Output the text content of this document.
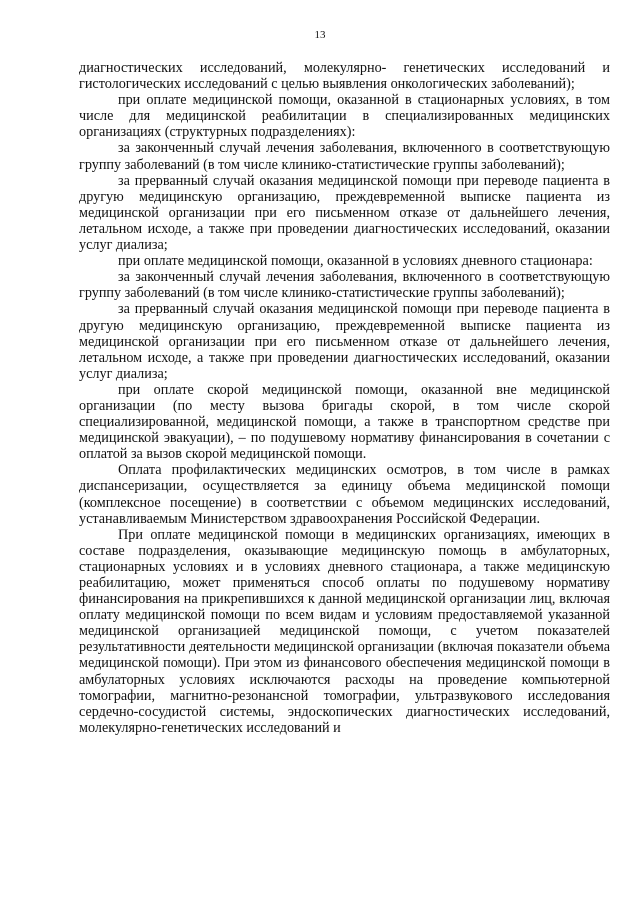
13

диагностических исследований, молекулярно- генетических исследований и гистологических исследований с целью выявления онкологических заболеваний);

при оплате медицинской помощи, оказанной в стационарных условиях, в том числе для медицинской реабилитации в специализированных медицинских организациях (структурных подразделениях):

за законченный случай лечения заболевания, включенного в соответствующую группу заболеваний (в том числе клинико-статистические группы заболеваний);

за прерванный случай оказания медицинской помощи при переводе пациента в другую медицинскую организацию, преждевременной выписке пациента из медицинской организации при его письменном отказе от дальнейшего лечения, летальном исходе, а также при проведении диагностических исследований, оказании услуг диализа;

при оплате медицинской помощи, оказанной в условиях дневного стационара:

за законченный случай лечения заболевания, включенного в соответствующую группу заболеваний (в том числе клинико-статистические группы заболеваний);

за прерванный случай оказания медицинской помощи при переводе пациента в другую медицинскую организацию, преждевременной выписке пациента из медицинской организации при его письменном отказе от дальнейшего лечения, летальном исходе, а также при проведении диагностических исследований, оказании услуг диализа;

при оплате скорой медицинской помощи, оказанной вне медицинской организации (по месту вызова бригады скорой, в том числе скорой специализированной, медицинской помощи, а также в транспортном средстве при медицинской эвакуации), – по подушевому нормативу финансирования в сочетании с оплатой за вызов скорой медицинской помощи.

Оплата профилактических медицинских осмотров, в том числе в рамках диспансеризации, осуществляется за единицу объема медицинской помощи (комплексное посещение) в соответствии с объемом медицинских исследований, устанавливаемым Министерством здравоохранения Российской Федерации.

При оплате медицинской помощи в медицинских организациях, имеющих в составе подразделения, оказывающие медицинскую помощь в амбулаторных, стационарных условиях и в условиях дневного стационара, а также медицинскую реабилитацию, может применяться способ оплаты по подушевому нормативу финансирования на прикрепившихся к данной медицинской организации лиц, включая оплату медицинской помощи по всем видам и условиям предоставляемой указанной медицинской организацией медицинской помощи, с учетом показателей результативности деятельности медицинской организации (включая показатели объема медицинской помощи). При этом из финансового обеспечения медицинской помощи в амбулаторных условиях исключаются расходы на проведение компьютерной томографии, магнитно-резонансной томографии, ультразвукового исследования сердечно-сосудистой системы, эндоскопических диагностических исследований, молекулярно-генетических исследований и
